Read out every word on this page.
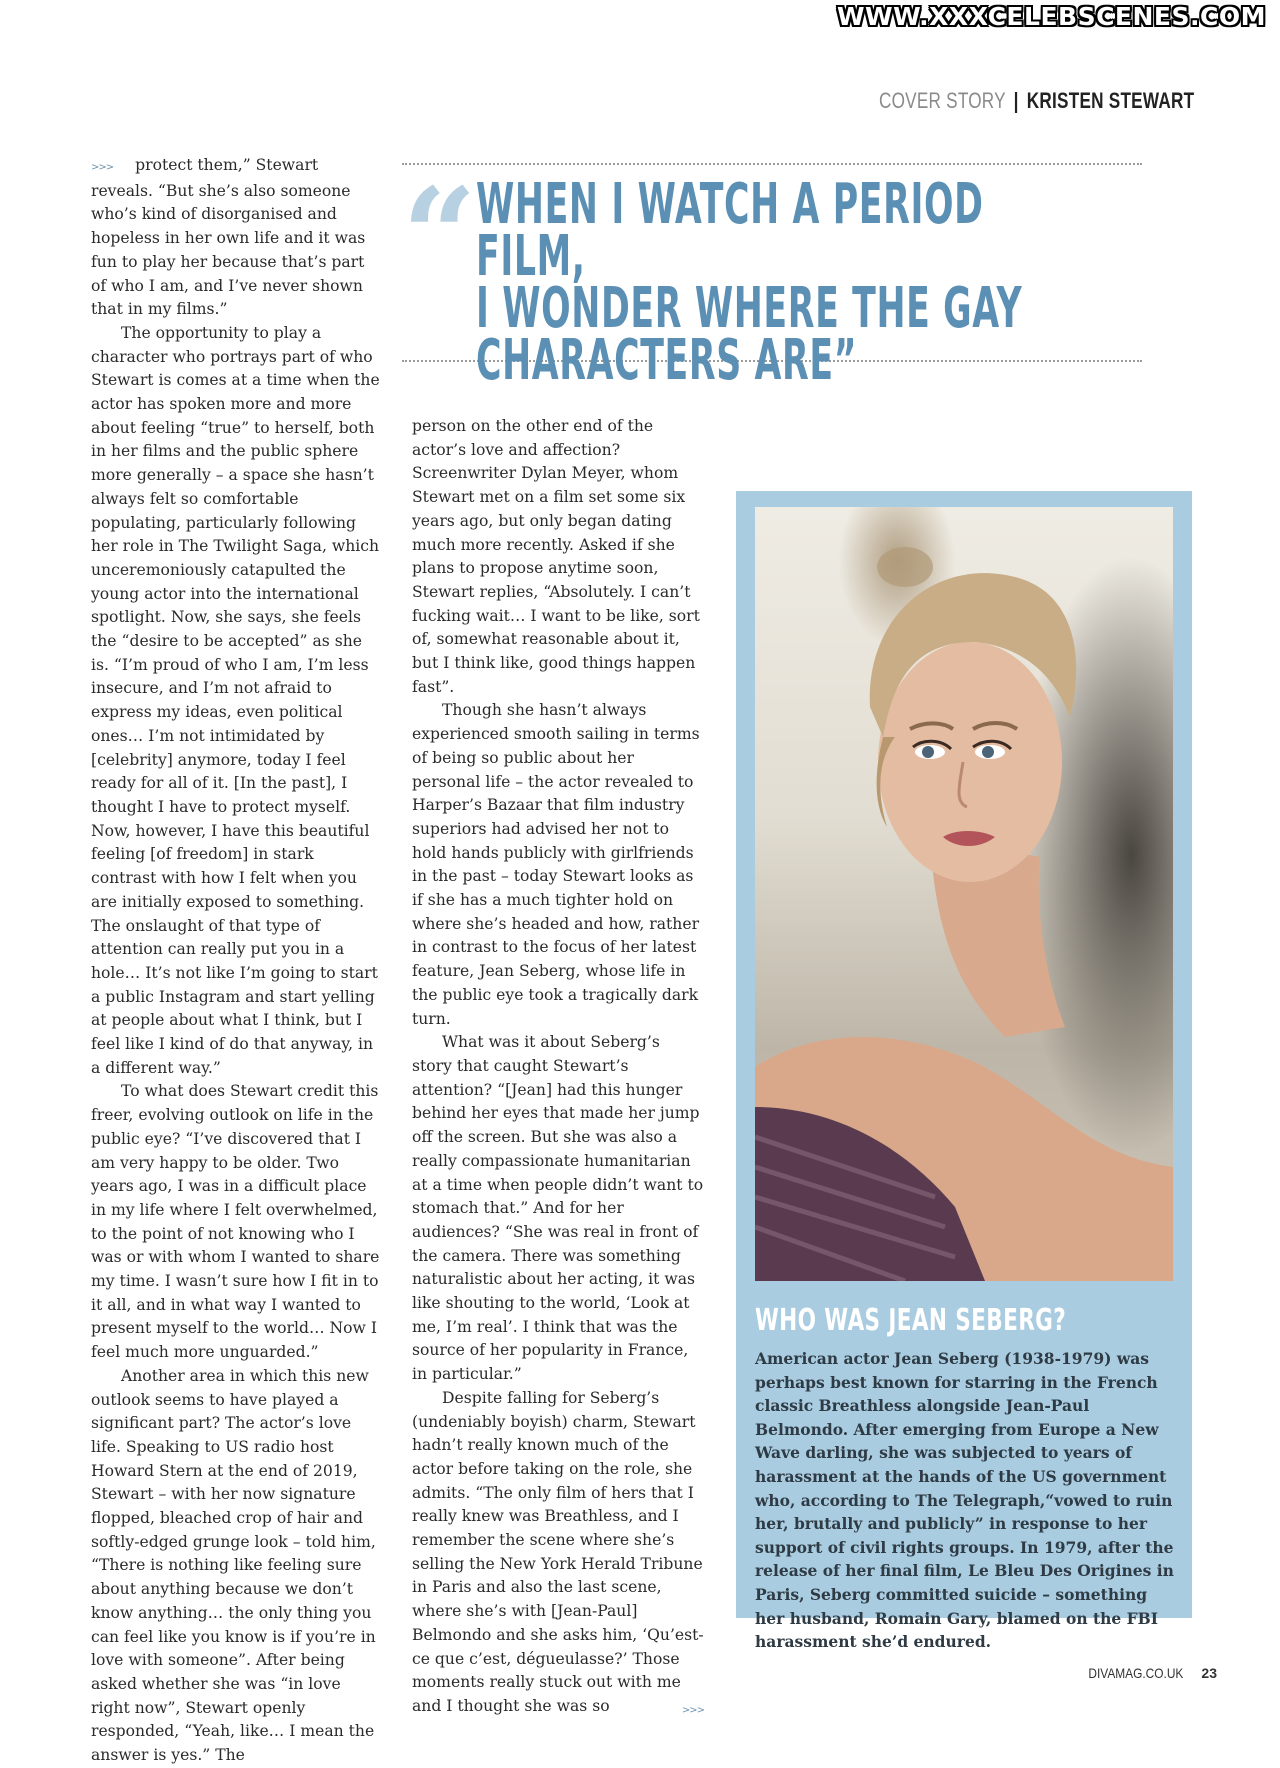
WWW.XXXCELEBSCENES.COM
COVER STORY | KRISTEN STEWART

>>> protect them,” Stewart reveals. “But she’s also someone who’s kind of disorganised and hopeless in her own life and it was fun to play her because that’s part of who I am, and I’ve never shown that in my films.”

The opportunity to play a character who portrays part of who Stewart is comes at a time when the actor has spoken more and more about feeling “true” to herself, both in her films and the public sphere more generally – a space she hasn’t always felt so comfortable populating, particularly following her role in The Twilight Saga, which unceremoniously catapulted the young actor into the international spotlight. Now, she says, she feels the “desire to be accepted” as she is. “I’m proud of who I am, I’m less insecure, and I’m not afraid to express my ideas, even political ones… I’m not intimidated by [celebrity] anymore, today I feel ready for all of it. [In the past], I thought I have to protect myself. Now, however, I have this beautiful feeling [of freedom] in stark contrast with how I felt when you are initially exposed to something. The onslaught of that type of attention can really put you in a hole… It’s not like I’m going to start a public Instagram and start yelling at people about what I think, but I feel like I kind of do that anyway, in a different way.”

To what does Stewart credit this freer, evolving outlook on life in the public eye? “I’ve discovered that I am very happy to be older. Two years ago, I was in a difficult place in my life where I felt overwhelmed, to the point of not knowing who I was or with whom I wanted to share my time. I wasn’t sure how I fit in to it all, and in what way I wanted to present myself to the world… Now I feel much more unguarded.”

Another area in which this new outlook seems to have played a significant part? The actor’s love life. Speaking to US radio host Howard Stern at the end of 2019, Stewart – with her now signature flopped, bleached crop of hair and softly-edged grunge look – told him, “There is nothing like feeling sure about anything because we don’t know anything… the only thing you can feel like you know is if you’re in love with someone”. After being asked whether she was “in love right now”, Stewart openly responded, “Yeah, like… I mean the answer is yes.” The

“ WHEN I WATCH A PERIOD FILM,
I WONDER WHERE THE GAY
CHARACTERS ARE”

person on the other end of the actor’s love and affection? Screenwriter Dylan Meyer, whom Stewart met on a film set some six years ago, but only began dating much more recently. Asked if she plans to propose anytime soon, Stewart replies, “Absolutely. I can’t fucking wait… I want to be like, sort of, somewhat reasonable about it, but I think like, good things happen fast”.

Though she hasn’t always experienced smooth sailing in terms of being so public about her personal life – the actor revealed to Harper’s Bazaar that film industry superiors had advised her not to hold hands publicly with girlfriends in the past – today Stewart looks as if she has a much tighter hold on where she’s headed and how, rather in contrast to the focus of her latest feature, Jean Seberg, whose life in the public eye took a tragically dark turn.

What was it about Seberg’s story that caught Stewart’s attention? “[Jean] had this hunger behind her eyes that made her jump off the screen. But she was also a really compassionate humanitarian at a time when people didn’t want to stomach that.” And for her audiences? “She was real in front of the camera. There was something naturalistic about her acting, it was like shouting to the world, ‘Look at me, I’m real’. I think that was the source of her popularity in France, in particular.”

Despite falling for Seberg’s (undeniably boyish) charm, Stewart hadn’t really known much of the actor before taking on the role, she admits. “The only film of hers that I really knew was Breathless, and I remember the scene where she’s selling the New York Herald Tribune in Paris and also the last scene, where she’s with [Jean-Paul] Belmondo and she asks him, ‘Qu’est-ce que c’est, dégueulasse?’ Those moments really stuck out with me and I thought she was so	>>>

WHO WAS JEAN SEBERG?

American actor Jean Seberg (1938-1979) was perhaps best known for starring in the French classic Breathless alongside Jean-Paul Belmondo. After emerging from Europe a New Wave darling, she was subjected to years of harassment at the hands of the US government who, according to The Telegraph,“vowed to ruin her, brutally and publicly” in response to her support of civil rights groups. In 1979, after the release of her final film, Le Bleu Des Origines in Paris, Seberg committed suicide – something her husband, Romain Gary, blamed on the FBI harassment she’d endured.

DIVAMAG.CO.UK 23
